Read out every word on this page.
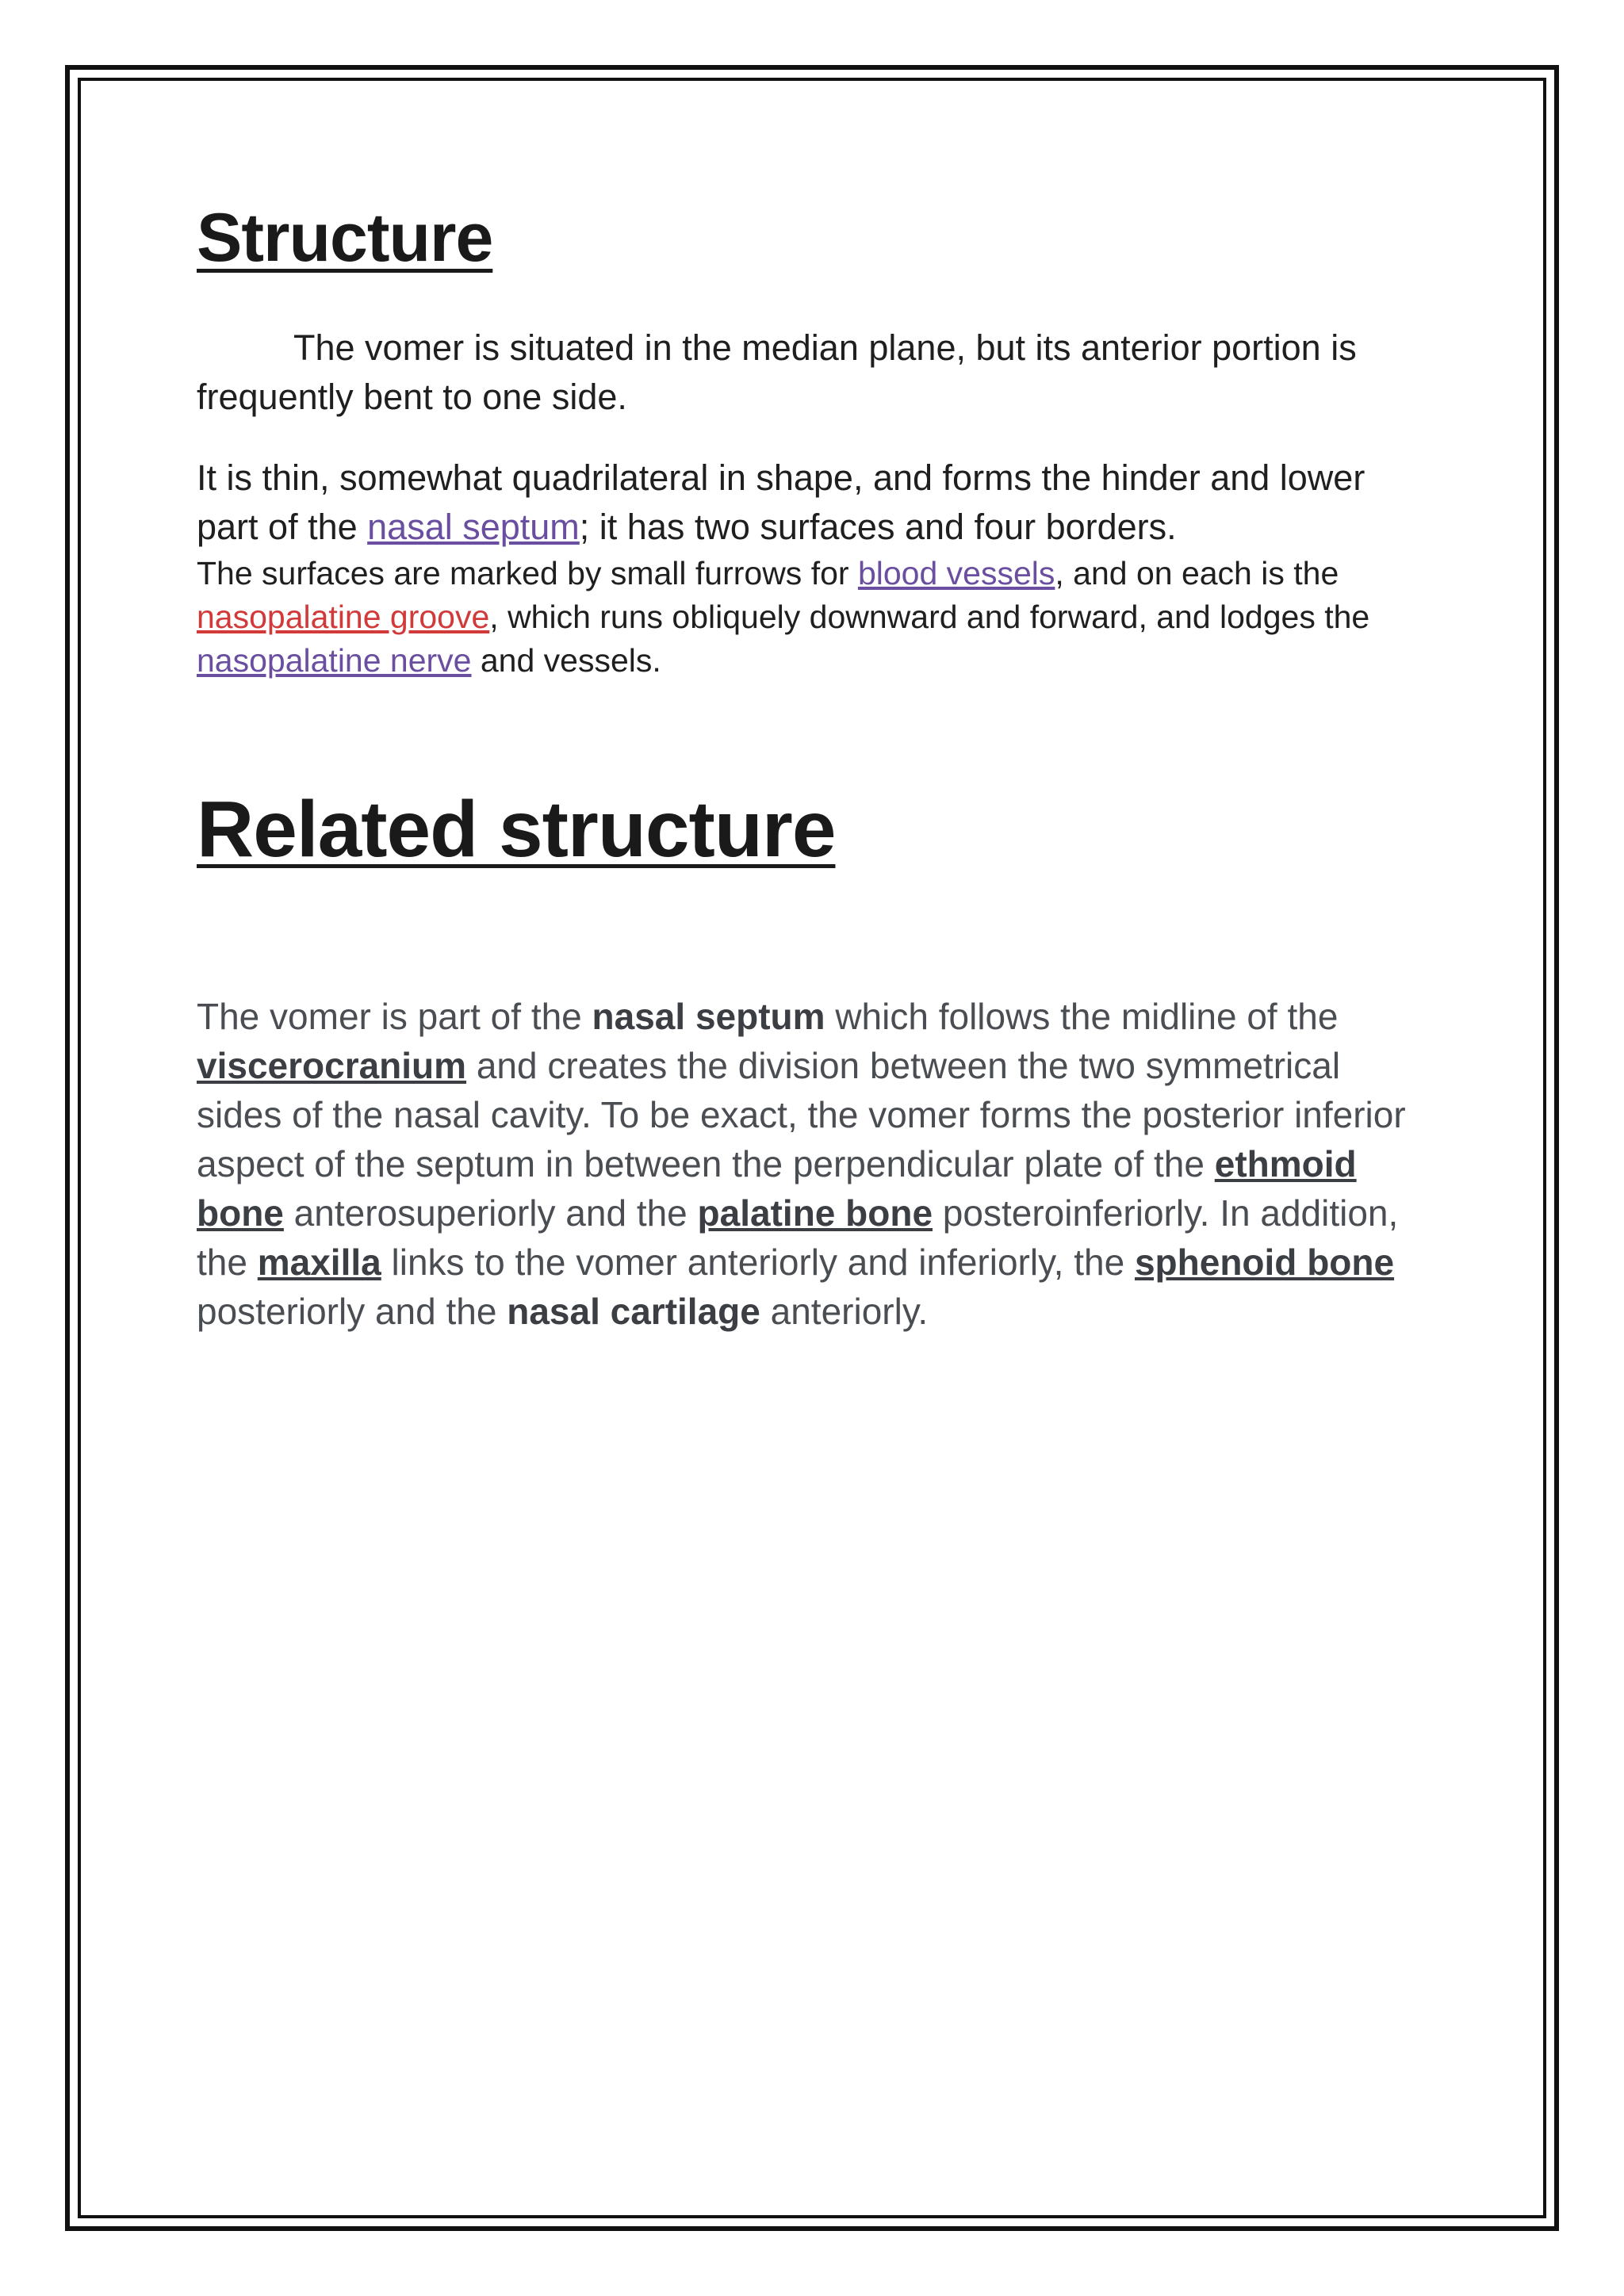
Structure

The vomer is situated in the median plane, but its anterior portion is frequently bent to one side.

It is thin, somewhat quadrilateral in shape, and forms the hinder and lower part of the nasal septum; it has two surfaces and four borders.

The surfaces are marked by small furrows for blood vessels, and on each is the nasopalatine groove, which runs obliquely downward and forward, and lodges the nasopalatine nerve and vessels.

Related structure

The vomer is part of the nasal septum which follows the midline of the viscerocranium and creates the division between the two symmetrical sides of the nasal cavity. To be exact, the vomer forms the posterior inferior aspect of the septum in between the perpendicular plate of the ethmoid bone anterosuperiorly and the palatine bone posteroinferiorly. In addition, the maxilla links to the vomer anteriorly and inferiorly, the sphenoid bone posteriorly and the nasal cartilage anteriorly.
